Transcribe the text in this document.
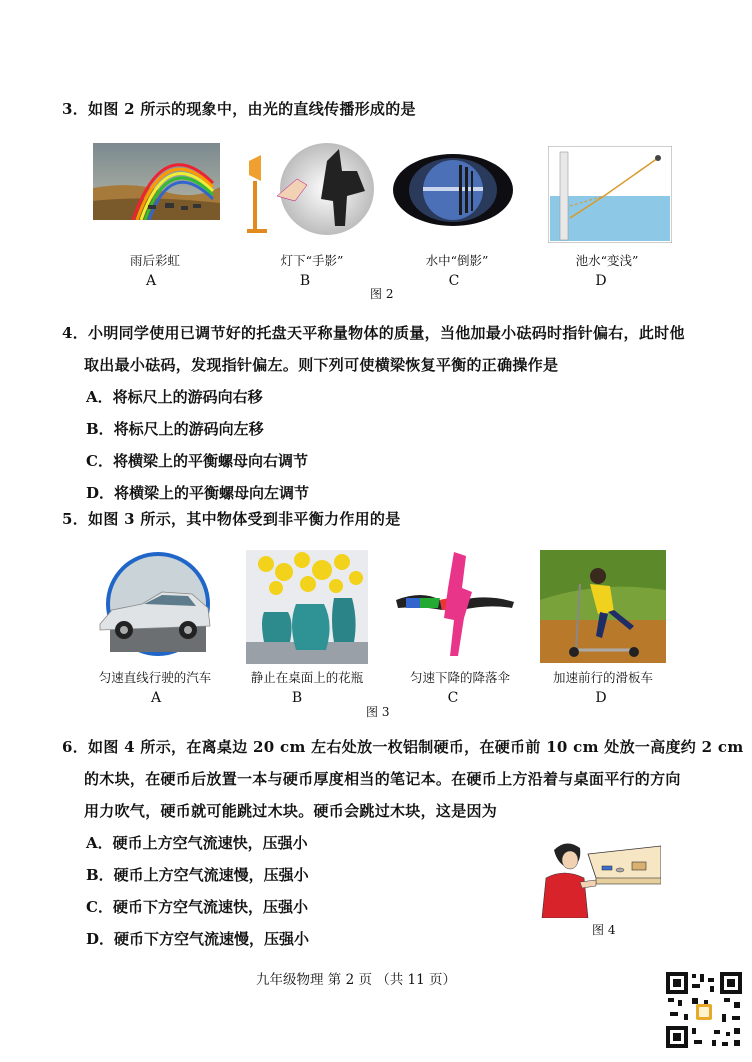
3．如图 2 所示的现象中，由光的直线传播形成的是
雨后彩虹	灯下“手影”	水中“倒影”	池水“变浅”
A	B	C	D
图 2
4．小明同学使用已调节好的托盘天平称量物体的质量，当他加最小砝码时指针偏右，此时他
取出最小砝码，发现指针偏左。则下列可使横梁恢复平衡的正确操作是
A．将标尺上的游码向右移
B．将标尺上的游码向左移
C．将横梁上的平衡螺母向右调节
D．将横梁上的平衡螺母向左调节
5．如图 3 所示，其中物体受到非平衡力作用的是
匀速直线行驶的汽车	静止在桌面上的花瓶	匀速下降的降落伞	加速前行的滑板车
A	B	C	D
图 3
6．如图 4 所示，在离桌边 20 cm 左右处放一枚铝制硬币，在硬币前 10 cm 处放一高度约 2 cm
的木块，在硬币后放置一本与硬币厚度相当的笔记本。在硬币上方沿着与桌面平行的方向
用力吹气，硬币就可能跳过木块。硬币会跳过木块，这是因为
A．硬币上方空气流速快，压强小
B．硬币上方空气流速慢，压强小
C．硬币下方空气流速快，压强小
D．硬币下方空气流速慢，压强小	图 4
九年级物理 第 2 页 （共 11 页）
